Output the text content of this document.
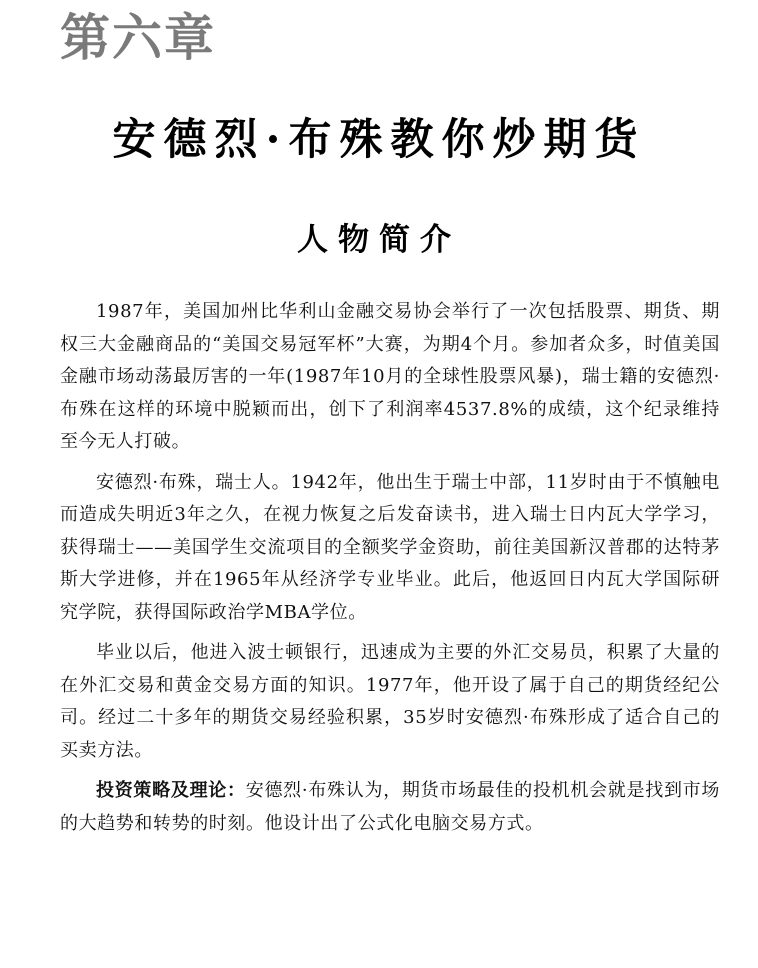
第六章
安德烈·布殊教你炒期货
人物简介

1987年，美国加州比华利山金融交易协会举行了一次包括股票、期货、期权三大金融商品的“美国交易冠军杯”大赛，为期4个月。参加者众多，时值美国金融市场动荡最厉害的一年(1987年10月的全球性股票风暴)，瑞士籍的安德烈·布殊在这样的环境中脱颖而出，创下了利润率4537.8%的成绩，这个纪录维持至今无人打破。

安德烈·布殊，瑞士人。1942年，他出生于瑞士中部，11岁时由于不慎触电而造成失明近3年之久，在视力恢复之后发奋读书，进入瑞士日内瓦大学学习，获得瑞士——美国学生交流项目的全额奖学金资助，前往美国新汉普郡的达特茅斯大学进修，并在1965年从经济学专业毕业。此后，他返回日内瓦大学国际研究学院，获得国际政治学MBA学位。

毕业以后，他进入波士顿银行，迅速成为主要的外汇交易员，积累了大量的在外汇交易和黄金交易方面的知识。1977年，他开设了属于自己的期货经纪公司。经过二十多年的期货交易经验积累，35岁时安德烈·布殊形成了适合自己的买卖方法。

投资策略及理论：安德烈·布殊认为，期货市场最佳的投机机会就是找到市场的大趋势和转势的时刻。他设计出了公式化电脑交易方式。
